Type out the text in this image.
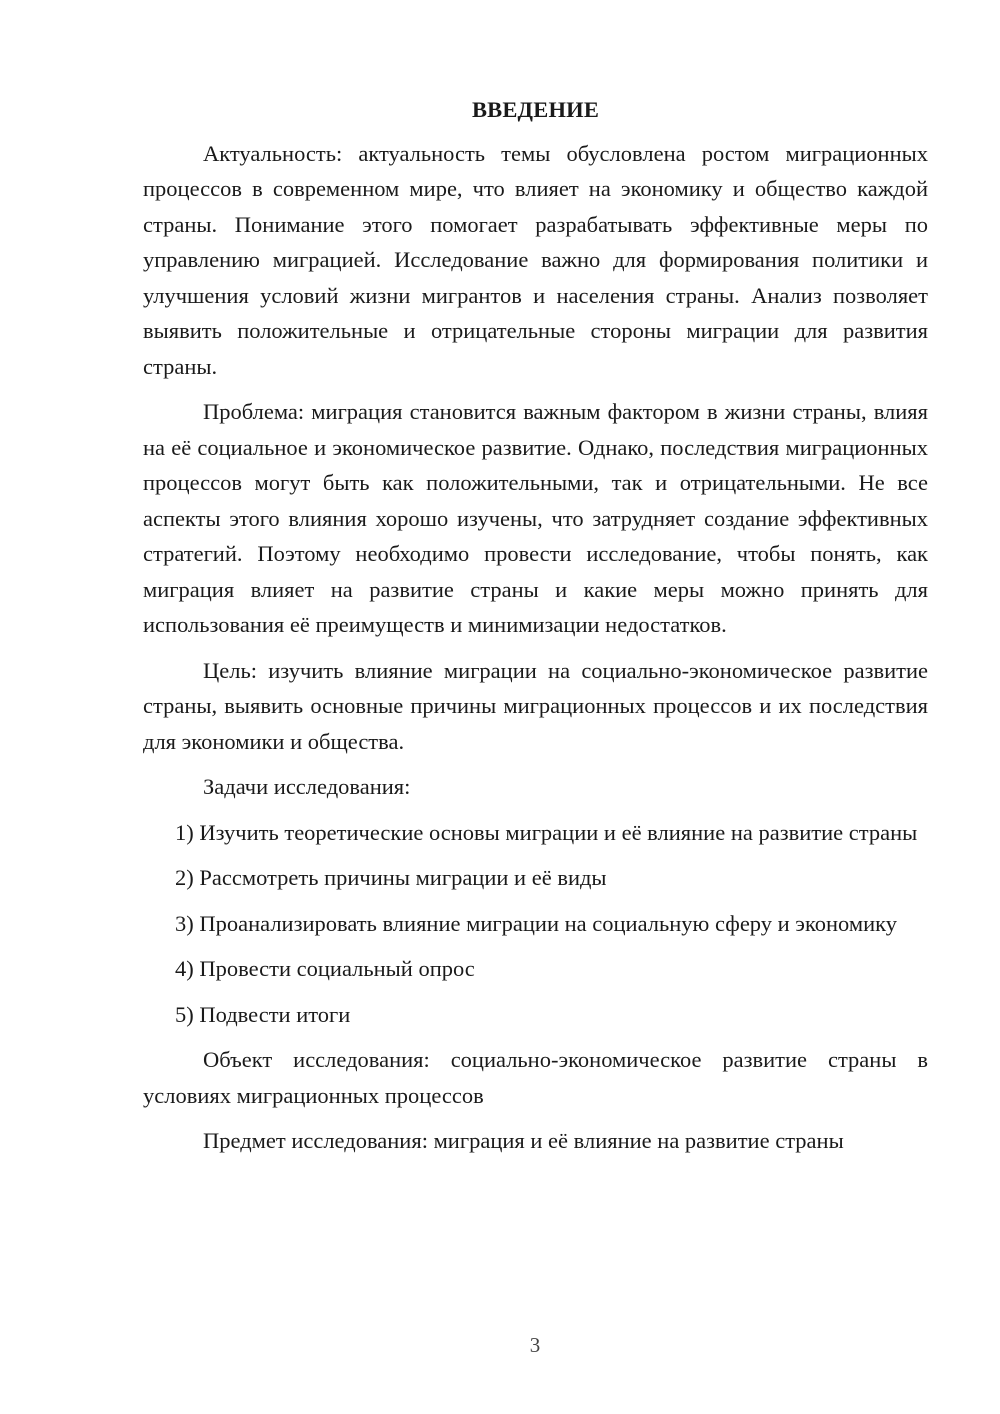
ВВЕДЕНИЕ

Актуальность: актуальность темы обусловлена ростом миграционных процессов в современном мире, что влияет на экономику и общество каждой страны. Понимание этого помогает разрабатывать эффективные меры по управлению миграцией. Исследование важно для формирования политики и улучшения условий жизни мигрантов и населения страны. Анализ позволяет выявить положительные и отрицательные стороны миграции для развития страны.

Проблема: миграция становится важным фактором в жизни страны, влияя на её социальное и экономическое развитие. Однако, последствия миграционных процессов могут быть как положительными, так и отрицательными. Не все аспекты этого влияния хорошо изучены, что затрудняет создание эффективных стратегий. Поэтому необходимо провести исследование, чтобы понять, как миграция влияет на развитие страны и какие меры можно принять для использования её преимуществ и минимизации недостатков.

Цель: изучить влияние миграции на социально-экономическое развитие страны, выявить основные причины миграционных процессов и их последствия для экономики и общества.

Задачи исследования:

1) Изучить теоретические основы миграции и её влияние на развитие страны

2) Рассмотреть причины миграции и её виды

3) Проанализировать влияние миграции на социальную сферу и экономику

4) Провести социальный опрос

5) Подвести итоги

Объект исследования: социально-экономическое развитие страны в условиях миграционных процессов

Предмет исследования: миграция и её влияние на развитие страны

3
